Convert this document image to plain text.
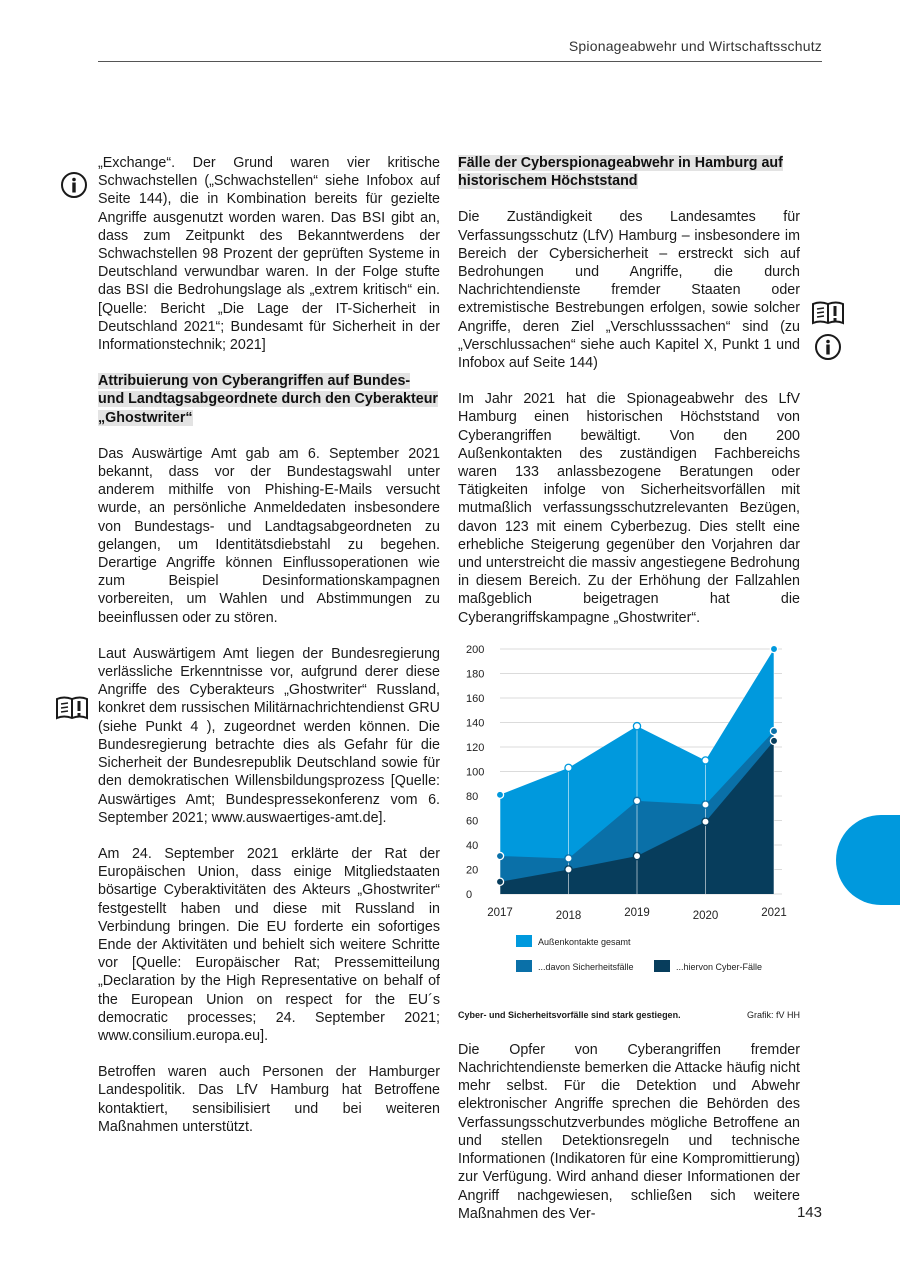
Spionageabwehr und Wirtschaftsschutz

„Exchange“. Der Grund waren vier kritische Schwachstellen („Schwachstellen“ siehe Infobox auf Seite 144), die in Kombination bereits für gezielte Angriffe ausgenutzt worden waren. Das BSI gibt an, dass zum Zeitpunkt des Bekanntwerdens der Schwachstellen 98 Prozent der geprüften Systeme in Deutschland verwundbar waren. In der Folge stufte das BSI die Bedrohungslage als „extrem kritisch“ ein. [Quelle: Bericht „Die Lage der IT-Sicherheit in Deutschland 2021“; Bundesamt für Sicherheit in der Informationstechnik; 2021]

Attribuierung von Cyberangriffen auf Bundes- und Landtagsabgeordnete durch den Cyberakteur „Ghostwriter“

Das Auswärtige Amt gab am 6. September 2021 bekannt, dass vor der Bundestagswahl unter anderem mithilfe von Phishing-E-Mails versucht wurde, an persönliche Anmeldedaten insbesondere von Bundestags- und Landtagsabgeordneten zu gelangen, um Identitätsdiebstahl zu begehen. Derartige Angriffe können Einflussoperationen wie zum Beispiel Desinformationskampagnen vorbereiten, um Wahlen und Abstimmungen zu beeinflussen oder zu stören.

Laut Auswärtigem Amt liegen der Bundesregierung verlässliche Erkenntnisse vor, aufgrund derer diese Angriffe des Cyberakteurs „Ghostwriter“ Russland, konkret dem russischen Militärnachrichtendienst GRU (siehe Punkt 4 ), zugeordnet werden können. Die Bundesregierung betrachte dies als Gefahr für die Sicherheit der Bundesrepublik Deutschland sowie für den demokratischen Willensbildungsprozess [Quelle: Auswärtiges Amt; Bundespressekonferenz vom 6. September 2021; www.auswaertiges-amt.de].

Am 24. September 2021 erklärte der Rat der Europäischen Union, dass einige Mitgliedstaaten bösartige Cyberaktivitäten des Akteurs „Ghostwriter“ festgestellt haben und diese mit Russland in Verbindung bringen. Die EU forderte ein sofortiges Ende der Aktivitäten und behielt sich weitere Schritte vor [Quelle: Europäischer Rat; Pressemitteilung „Declaration by the High Representative on behalf of the European Union on respect for the EU´s democratic processes; 24. September 2021; www.consilium.europa.eu].

Betroffen waren auch Personen der Hamburger Landespolitik. Das LfV Hamburg hat Betroffene kontaktiert, sensibilisiert und bei weiteren Maßnahmen unterstützt.

Fälle der Cyberspionageabwehr in Hamburg auf historischem Höchststand

Die Zuständigkeit des Landesamtes für Verfassungsschutz (LfV) Hamburg – insbesondere im Bereich der Cybersicherheit – erstreckt sich auf Bedrohungen und Angriffe, die durch Nachrichtendienste fremder Staaten oder extremistische Bestrebungen erfolgen, sowie solcher Angriffe, deren Ziel „Verschlusssachen“ sind (zu „Verschlussachen“ siehe auch Kapitel X, Punkt 1 und Infobox auf Seite 144)

Im Jahr 2021 hat die Spionageabwehr des LfV Hamburg einen historischen Höchststand von Cyberangriffen bewältigt. Von den 200 Außenkontakten des zuständigen Fachbereichs waren 133 anlassbezogene Beratungen oder Tätigkeiten infolge von Sicherheitsvorfällen mit mutmaßlich verfassungsschutzrelevanten Bezügen, davon 123 mit einem Cyberbezug. Dies stellt eine erhebliche Steigerung gegenüber den Vorjahren dar und unterstreicht die massiv angestiegene Bedrohung in diesem Bereich. Zu der Erhöhung der Fallzahlen maßgeblich beigetragen hat die Cyberangriffskampagne „Ghostwriter“.

0
20
40
60
80
100
120
140
160
180
200
2017	2018	2019	2020	2021
Außenkontakte gesamt
...davon Sicherheitsfälle	...hiervon Cyber-Fälle
Cyber- und Sicherheitsvorfälle sind stark gestiegen.	Grafik: fV HH

Die Opfer von Cyberangriffen fremder Nachrichtendienste bemerken die Attacke häufig nicht mehr selbst. Für die Detektion und Abwehr elektronischer Angriffe sprechen die Behörden des Verfassungsschutzverbundes mögliche Betroffene an und stellen Detektionsregeln und technische Informationen (Indikatoren für eine Kompromittierung) zur Verfügung. Wird anhand dieser Informationen der Angriff nachgewiesen, schließen sich weitere Maßnahmen des Ver-	143
